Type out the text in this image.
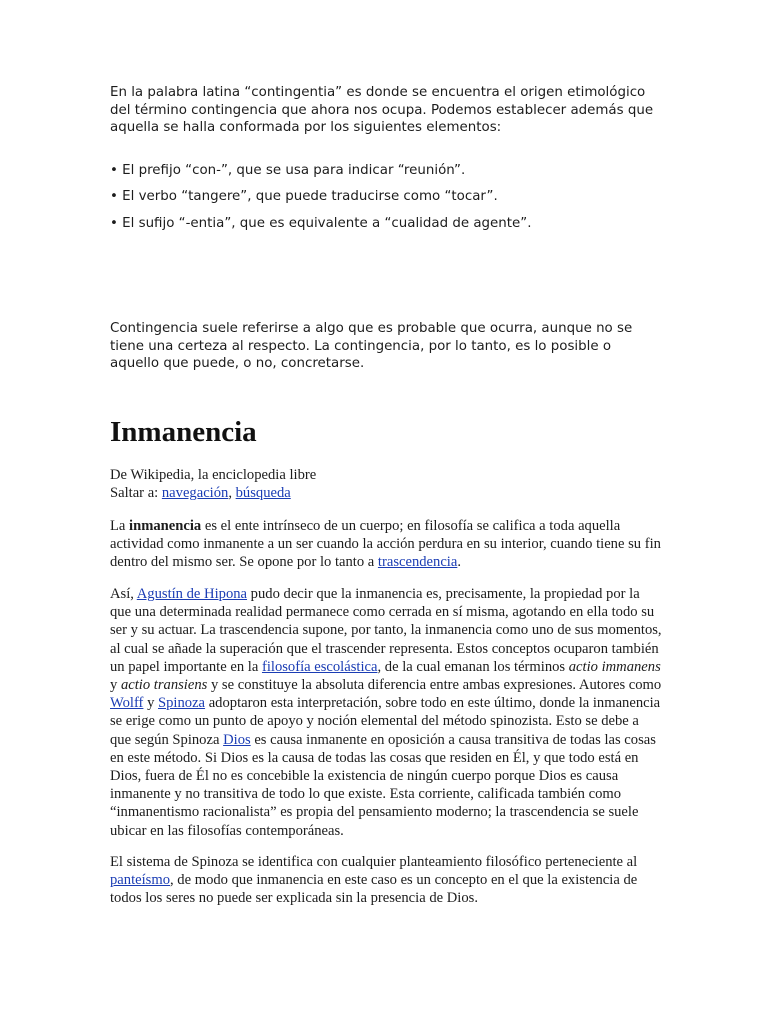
En la palabra latina “contingentia” es donde se encuentra el origen etimológico del término contingencia que ahora nos ocupa. Podemos establecer además que aquella se halla conformada por los siguientes elementos:

• El prefijo “con-”, que se usa para indicar “reunión”.

• El verbo “tangere”, que puede traducirse como “tocar”.

• El sufijo “-entia”, que es equivalente a “cualidad de agente”.

Contingencia suele referirse a algo que es probable que ocurra, aunque no se tiene una certeza al respecto. La contingencia, por lo tanto, es lo posible o aquello que puede, o no, concretarse.

Inmanencia

De Wikipedia, la enciclopedia libre

Saltar a: navegación, búsqueda

La inmanencia es el ente intrínseco de un cuerpo; en filosofía se califica a toda aquella actividad como inmanente a un ser cuando la acción perdura en su interior, cuando tiene su fin dentro del mismo ser. Se opone por lo tanto a trascendencia.

Así, Agustín de Hipona pudo decir que la inmanencia es, precisamente, la propiedad por la que una determinada realidad permanece como cerrada en sí misma, agotando en ella todo su ser y su actuar. La trascendencia supone, por tanto, la inmanencia como uno de sus momentos, al cual se añade la superación que el trascender representa. Estos conceptos ocuparon también un papel importante en la filosofía escolástica, de la cual emanan los términos actio immanens y actio transiens y se constituye la absoluta diferencia entre ambas expresiones. Autores como Wolff y Spinoza adoptaron esta interpretación, sobre todo en este último, donde la inmanencia se erige como un punto de apoyo y noción elemental del método spinozista. Esto se debe a que según Spinoza Dios es causa inmanente en oposición a causa transitiva de todas las cosas en este método. Si Dios es la causa de todas las cosas que residen en Él, y que todo está en Dios, fuera de Él no es concebible la existencia de ningún cuerpo porque Dios es causa inmanente y no transitiva de todo lo que existe. Esta corriente, calificada también como “inmanentismo racionalista” es propia del pensamiento moderno; la trascendencia se suele ubicar en las filosofías contemporáneas.

El sistema de Spinoza se identifica con cualquier planteamiento filosófico perteneciente al panteísmo, de modo que inmanencia en este caso es un concepto en el que la existencia de todos los seres no puede ser explicada sin la presencia de Dios.
